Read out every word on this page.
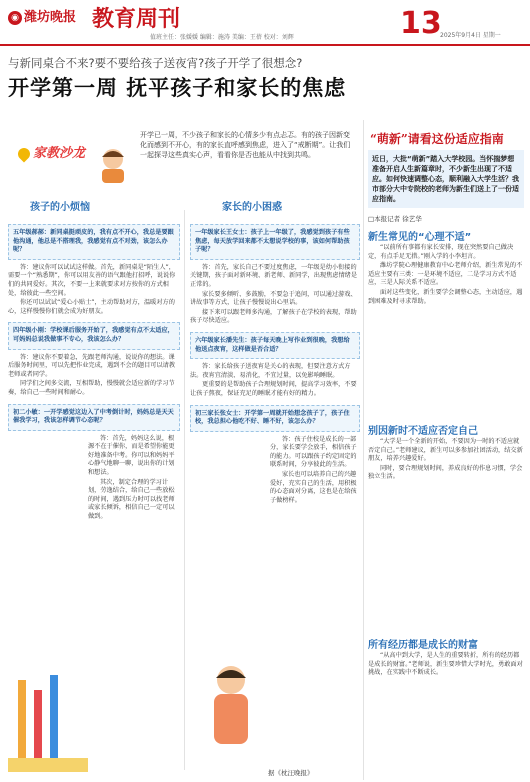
◉ 潍坊晚报 教育周刊
值班主任：张媛媛 编辑：施涛 美编：王蓓 校对：刘辉	13
2025年9月4日 星期一
与新同桌合不来?要不要给孩子送夜宵?孩子开学了很想念?
开学第一周 抚平孩子和家长的焦虑
家教沙龙
开学已一周，不少孩子和家长的心情多少有点忐忑。有的孩子因新变化而感到不开心，有的家长直呼感到焦虑，进入了“戒断期”。让我们一起探寻这些真实心声，看看你是否也能从中找到共鸣。
孩子的小烦恼	家长的小困惑
五年级郝郝：新同桌挺顽皮的，我有点不开心，我总是要跟他沟通，他总是不搭理我，我感觉有点不对劲，该怎么办呢？

答：建议你可以试试这样做。首先，新同桌是“陌生人”，需要一个“熟悉期”，你可以用友善的语气跟他打招呼，说说你们的共同爱好。其次，不要一上来就要求对方按你的方式相处，给彼此一些空间。

你还可以试试“爱心小贴士”，主动帮助对方，温暖对方的心，这样慢慢你们就会成为好朋友。

四年级小刚：学校课后服务开始了，我感觉有点不太适应，可妈妈总说我做事不专心，我该怎么办？

答：建议你不要着急，先跟老师沟通，说说你的想法。课后服务时间里，可以先把作业完成，遇到不会的题目可以请教老师或者同学。

同学们之间多交流，互相帮助，慢慢就会适应新的学习节奏，给自己一些时间和耐心。

初二小敏：一开学感觉这边入了中考倒计时，妈妈总是天天催我学习，我该怎样调节心态呢？

答：首先，妈妈这么说，根源不在于催你，而是希望你能更好地准备中考。你可以和妈妈平心静气地聊一聊，说出你的计划和想法。

其次，制定合理的学习计划，劳逸结合，给自己一些放松的时间，遇到压力时可以找老师或家长倾诉，相信自己一定可以做到。

一年级家长王女士：孩子上一年级了，我感觉到孩子有些焦虑，每天放学回来都不太想说学校的事，该如何帮助孩子呢？

答：首先，家长自己不要过度焦虑，一年级是幼小衔接的关键期，孩子面对新环境、新老师、新同学，出现焦虑情绪是正常的。

家长要多倾听、多鼓励，不要急于追问，可以通过游戏、讲故事等方式，让孩子慢慢说出心里话。

接下来可以跟老师多沟通，了解孩子在学校的表现，帮助孩子尽快适应。

六年级家长潘先生：孩子每天晚上写作业到很晚，我想给他送点夜宵，这样做是否合适？

答：家长给孩子送夜宵是关心的表现，但要注意方式方法。夜宵宜清淡、易消化，不宜过量，以免影响睡眠。

更重要的是帮助孩子合理规划时间，提高学习效率，不要让孩子熬夜，保证充足的睡眠才能有好的精力。

初三家长张女士：开学第一周就开始想念孩子了，孩子住校，我总担心他吃不好、睡不好，该怎么办？

答：孩子住校是成长的一部分，家长要学会放手，相信孩子的能力。可以跟孩子约定固定的联系时间，分享彼此的生活。

家长也可以培养自己的兴趣爱好，充实自己的生活，用积极的心态面对分离，这也是在给孩子做榜样。

“萌新”请看这份适应指南
近日，大批“萌新”踏入大学校园。当怀揣梦想准备开启人生新篇章时，不少新生出现了不适应。如何快速调整心态，顺利融入大学生活？我市部分大中专院校的老师为新生们送上了一份适应指南。
□本报记者 徐艺华
新生常见的“心理不适”

“以前所有事都有家长安排，现在突然要自己做决定，有点手足无措。”刚入学的小李坦言。

潍坊学院心理健康教育中心老师介绍，新生常见的不适应主要有三类：一是环境不适应，二是学习方式不适应，三是人际关系不适应。

面对这些变化，新生要学会调整心态，主动适应，遇到困难及时寻求帮助。

别因新时不适应否定自己

“大学是一个全新的开始，不要因为一时的不适应就否定自己。”老师建议，新生可以多参加社团活动，结交新朋友，培养兴趣爱好。

同时，要合理规划时间，养成良好的作息习惯，学会独立生活。

所有经历都是成长的财富

“从高中到大学，是人生的重要转折，所有的经历都是成长的财富。”老师说，新生要珍惜大学时光，勇敢面对挑战，在实践中不断成长。

据《枕汪晚报》
